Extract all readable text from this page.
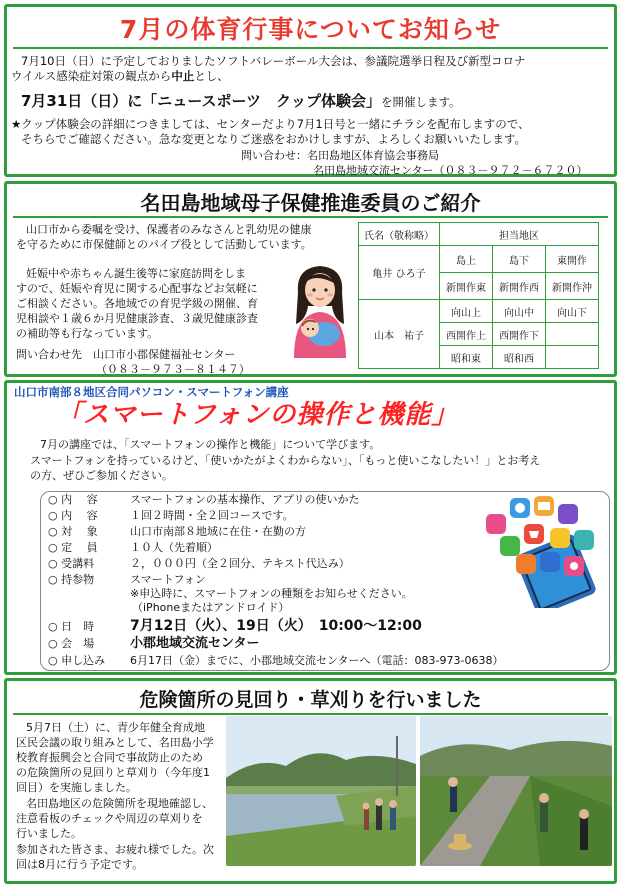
7月の体育行事についてお知らせ
7月10日（日）に予定しておりましたソフトバレーボール大会は、参議院選挙日程及び新型コロナ
ウイルス感染症対策の観点から中止とし、
7月31日（日）に「ニュースポーツ　クップ体験会」を開催します。
★クップ体験会の詳細につきましては、センターだより7月1日号と一緒にチラシを配布しますので、
そちらでご確認ください。急な変更となりご迷惑をおかけしますが、よろしくお願いいたします。
問い合わせ：名田島地区体育協会事務局
名田島地域交流センター（０８３－９７２－６７２０）
名田島地域母子保健推進委員のご紹介
山口市から委嘱を受け、保護者のみなさんと乳幼児の健康
を守るために市保健師とのパイプ役として活動しています。
妊娠中や赤ちゃん誕生後等に家庭訪問をしま
すので、妊娠や育児に関する心配事などお気軽に
ご相談ください。各地域での育児学級の開催、育
児相談や１歳６か月児健康診査、３歳児健康診査
の補助等も行なっています。
問い合わせ先　山口市小郡保健福祉センター
（０８３－９７３－８１４７）
氏名（敬称略）	担当地区		
亀井 ひろ子	島上	島下	東開作
	新開作東	新開作西	新開作沖
山本　祐子	向山上	向山中	向山下
	西開作上	西開作下	
	昭和東	昭和西	
山口市南部８地区合同パソコン・スマートフォン講座
「スマートフォンの操作と機能」
7月の講座では、「スマートフォンの操作と機能」について学びます。
スマートフォンを持っているけど、「使いかたがよくわからない」、「もっと使いこなしたい！」とお考え
の方、ぜひご参加ください。
○ 内　 容	スマートフォンの基本操作、アプリの使いかた
○ 内　 容	１回２時間・全２回コースです。
○ 対　 象	山口市南部８地域に在住・在勤の方
○ 定　 員	１０人（先着順）
○ 受講料	２，０００円（全２回分、テキスト代込み）
○ 持参物	スマートフォン
※申込時に、スマートフォンの種類をお知らせください。
（iPhoneまたはアンドロイド）
○ 日　時	7月12日（火）、19日（火）　10:00～12:00
○ 会　場	小郡地域交流センター
○ 申し込み 6月17日（金）までに、小郡地域交流センターへ（電話：083-973-0638）
危険箇所の見回り・草刈りを行いました
5月7日（土）に、青少年健全育成地
区民会議の取り組みとして、名田島小学
校教育振興会と合同で事故防止のため
の危険箇所の見回りと草刈り（今年度1
回目）を実施しました。
名田島地区の危険箇所を現地確認し、
注意看板のチェックや周辺の草刈りを
行いました。
参加された皆さま、お疲れ様でした。次
回は8月に行う予定です。
